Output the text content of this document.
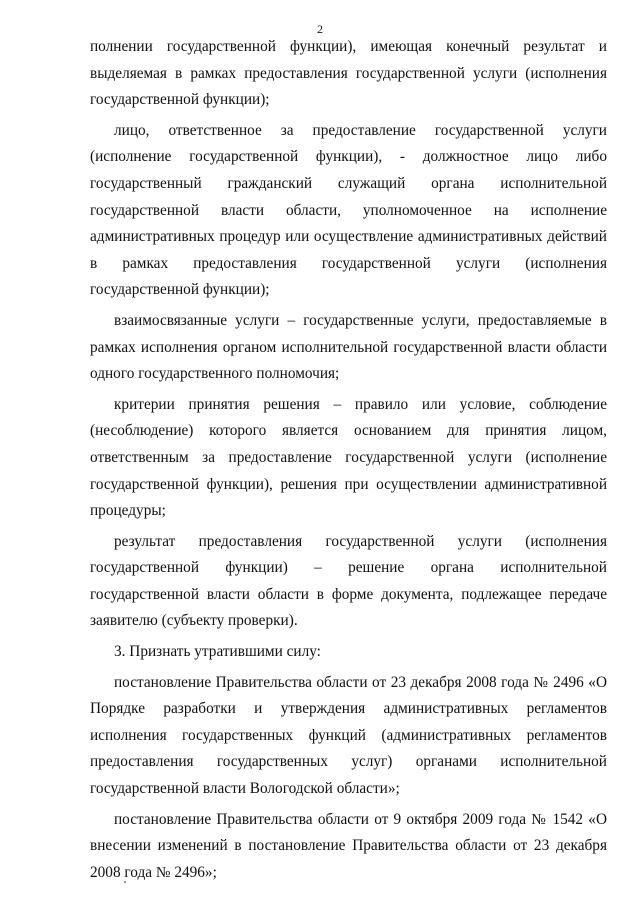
2

полнении государственной функции), имеющая конечный результат и выделяемая в рамках предоставления государственной услуги (исполнения государственной функции);

лицо, ответственное за предоставление государственной услуги (исполнение государственной функции), - должностное лицо либо государственный гражданский служащий органа исполнительной государственной власти области, уполномоченное на исполнение административных процедур или осуществление административных действий в рамках предоставления государственной услуги (исполнения государственной функции);

взаимосвязанные услуги – государственные услуги, предоставляемые в рамках исполнения органом исполнительной государственной власти области одного государственного полномочия;

критерии принятия решения – правило или условие, соблюдение (несоблюдение) которого является основанием для принятия лицом, ответственным за предоставление государственной услуги (исполнение государственной функции), решения при осуществлении административной процедуры;

результат предоставления государственной услуги (исполнения государственной функции) – решение органа исполнительной государственной власти области в форме документа, подлежащее передаче заявителю (субъекту проверки).

3. Признать утратившими силу:

постановление Правительства области от 23 декабря 2008 года № 2496 «О Порядке разработки и утверждения административных регламентов исполнения государственных функций (административных регламентов предоставления государственных услуг) органами исполнительной государственной власти Вологодской области»;

постановление Правительства области от 9 октября 2009 года № 1542 «О внесении изменений в постановление Правительства области от 23 декабря 2008 года № 2496»;
